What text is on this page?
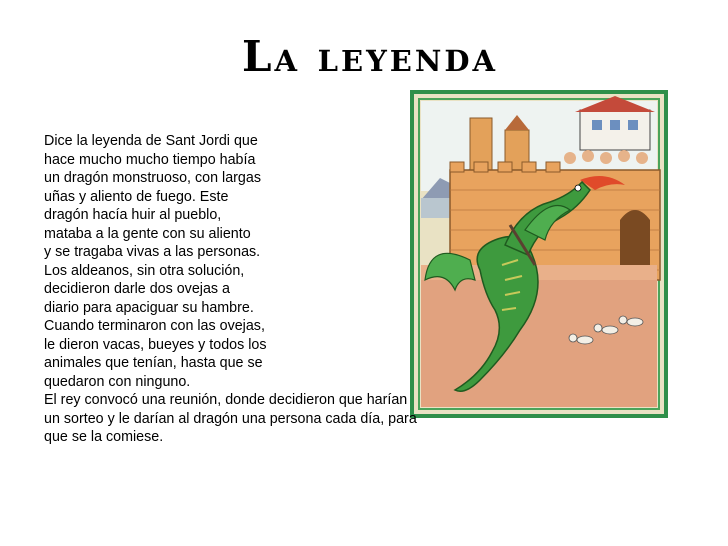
La leyenda
Dice la leyenda de Sant Jordi que
hace mucho mucho tiempo había
un dragón monstruoso, con largas
uñas y aliento de fuego. Este
dragón hacía huir al pueblo,
mataba a la gente con su aliento
y se tragaba vivas a las personas.
Los aldeanos, sin otra solución,
decidieron darle dos ovejas a
diario para apaciguar su hambre.
Cuando terminaron con las ovejas,
le dieron vacas, bueyes y todos los
animales que tenían, hasta que se
quedaron con ninguno.
El rey convocó una reunión, donde decidieron que harían
un sorteo y le darían al dragón una persona cada día, para
que se la comiese.
